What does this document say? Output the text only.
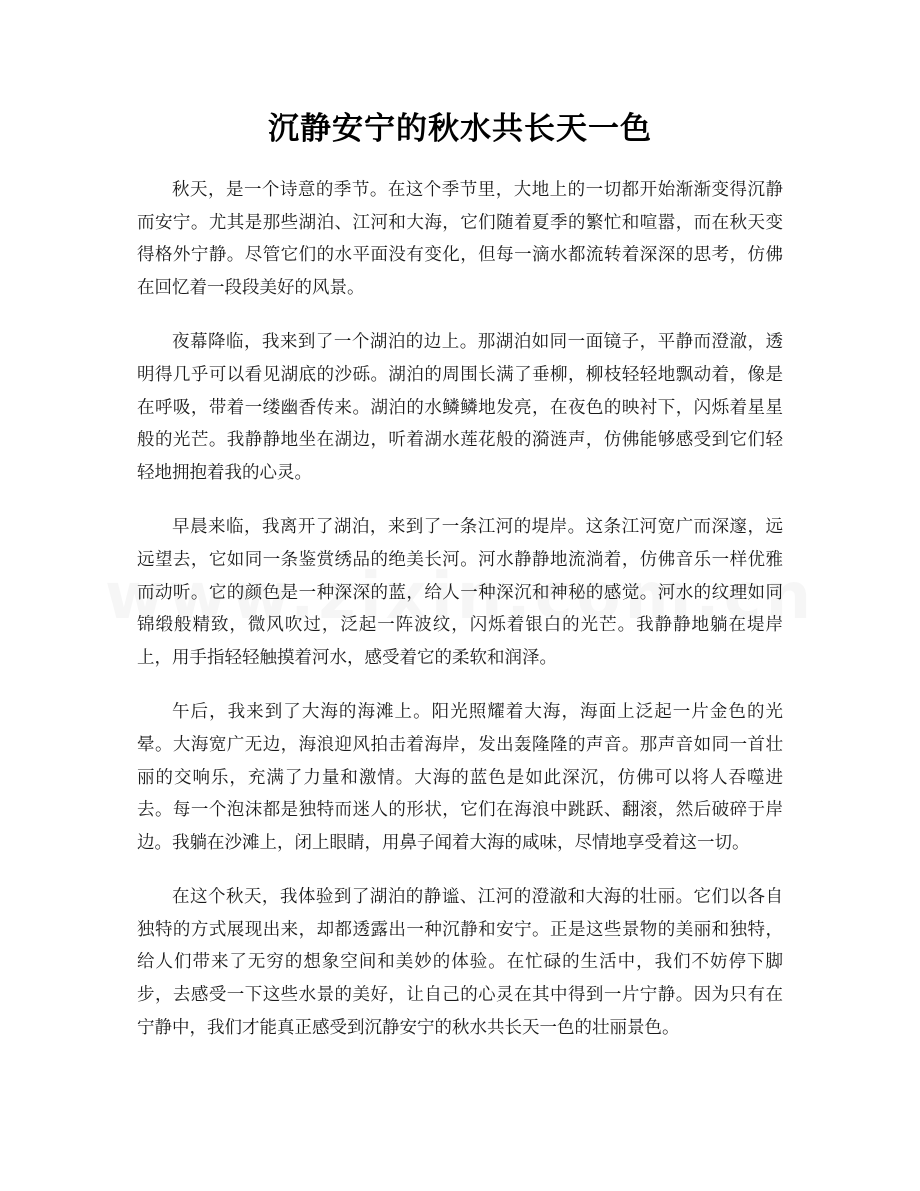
沉静安宁的秋水共长天一色

秋天，是一个诗意的季节。在这个季节里，大地上的一切都开始渐渐变得沉静而安宁。尤其是那些湖泊、江河和大海，它们随着夏季的繁忙和喧嚣，而在秋天变得格外宁静。尽管它们的水平面没有变化，但每一滴水都流转着深深的思考，仿佛在回忆着一段段美好的风景。

夜幕降临，我来到了一个湖泊的边上。那湖泊如同一面镜子，平静而澄澈，透明得几乎可以看见湖底的沙砾。湖泊的周围长满了垂柳，柳枝轻轻地飘动着，像是在呼吸，带着一缕幽香传来。湖泊的水鳞鳞地发亮，在夜色的映衬下，闪烁着星星般的光芒。我静静地坐在湖边，听着湖水莲花般的漪涟声，仿佛能够感受到它们轻轻地拥抱着我的心灵。

早晨来临，我离开了湖泊，来到了一条江河的堤岸。这条江河宽广而深邃，远远望去，它如同一条鉴赏绣品的绝美长河。河水静静地流淌着，仿佛音乐一样优雅而动听。它的颜色是一种深深的蓝，给人一种深沉和神秘的感觉。河水的纹理如同锦缎般精致，微风吹过，泛起一阵波纹，闪烁着银白的光芒。我静静地躺在堤岸上，用手指轻轻触摸着河水，感受着它的柔软和润泽。

午后，我来到了大海的海滩上。阳光照耀着大海，海面上泛起一片金色的光晕。大海宽广无边，海浪迎风拍击着海岸，发出轰隆隆的声音。那声音如同一首壮丽的交响乐，充满了力量和激情。大海的蓝色是如此深沉，仿佛可以将人吞噬进去。每一个泡沫都是独特而迷人的形状，它们在海浪中跳跃、翻滚，然后破碎于岸边。我躺在沙滩上，闭上眼睛，用鼻子闻着大海的咸味，尽情地享受着这一切。

在这个秋天，我体验到了湖泊的静谧、江河的澄澈和大海的壮丽。它们以各自独特的方式展现出来，却都透露出一种沉静和安宁。正是这些景物的美丽和独特，给人们带来了无穷的想象空间和美妙的体验。在忙碌的生活中，我们不妨停下脚步，去感受一下这些水景的美好，让自己的心灵在其中得到一片宁静。因为只有在宁静中，我们才能真正感受到沉静安宁的秋水共长天一色的壮丽景色。
